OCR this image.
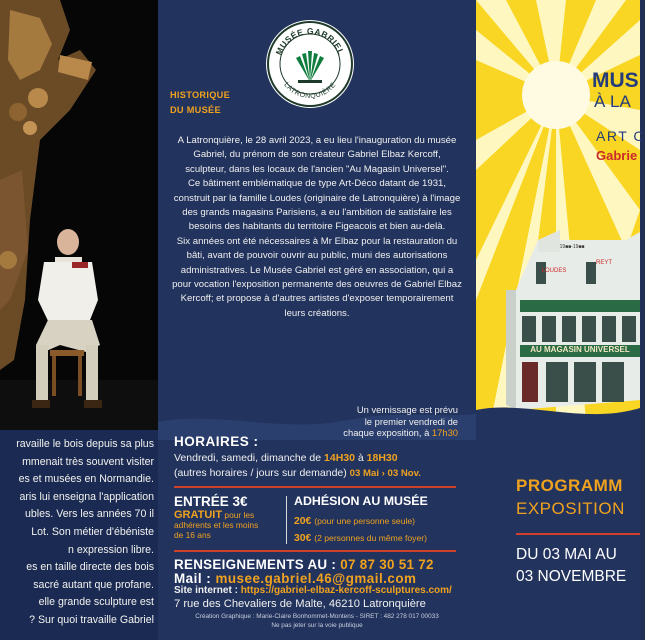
ravaille le bois depuis sa plus
mmenait très souvent visiter
es et musées en Normandie.
aris lui enseigna l'application
ubles. Vers les années 70 il
Lot. Son métier d'ébéniste
n expression libre.
es en taille directe des bois
sacré autant que profane.
elle grande sculpture est
? Sur quoi travaille Gabriel
MUSÉE GABRIEL
LATRONQUIÈRE
HISTORIQUE
DU MUSÉE

A Latronquière, le 28 avril 2023, a eu lieu l'inauguration du musée Gabriel, du prénom de son créateur Gabriel Elbaz Kercoff, sculpteur, dans les locaux de l'ancien "Au Magasin Universel".

Ce bâtiment emblématique de type Art-Déco datant de 1931, construit par la famille Loudes (originaire de Latronquière) à l'image des grands magasins Parisiens, a eu l'ambition de satisfaire les besoins des habitants du territoire Figeacois et bien au-delà.

Six années ont été nécessaires à Mr Elbaz pour la restauration du bâti, avant de pouvoir ouvrir au public, muni des autorisations administratives. Le Musée Gabriel est géré en association, qui a pour vocation l'exposition permanente des oeuvres de Gabriel Elbaz Kercoff; et propose à d'autres artistes d'exposer temporairement leurs créations.

Un vernissage est prévu
le premier vendredi de
chaque exposition, à 17h30
HORAIRES :
Vendredi, samedi, dimanche de 14H30 à 18H30
(autres horaires / jours sur demande) 03 Mai › 03 Nov.
ENTRÉE 3€
GRATUIT pour les
adhérents et les moins
de 16 ans
ADHÉSION AU MUSÉE
20€ (pour une personne seule)
30€ (2 personnes du même foyer)
RENSEIGNEMENTS AU : 07 87 30 51 72
Mail : musee.gabriel.46@gmail.com
Site internet : https://gabriel-elbaz-kercoff-sculptures.com/
7 rue des Chevaliers de Malte, 46210 Latronquière
Création Graphique : Marie-Claire Bonhommet-Montens - SIRET : 482 278 017 00033
Ne pas jeter sur la voie publique
AU MAGASIN UNIVERSEL
LOUDES
REYT
19■■-19■■
MUS
À LA
ART C
Gabrie
PROGRAMM
EXPOSITION
DU 03 MAI AU
03 NOVEMBRE
